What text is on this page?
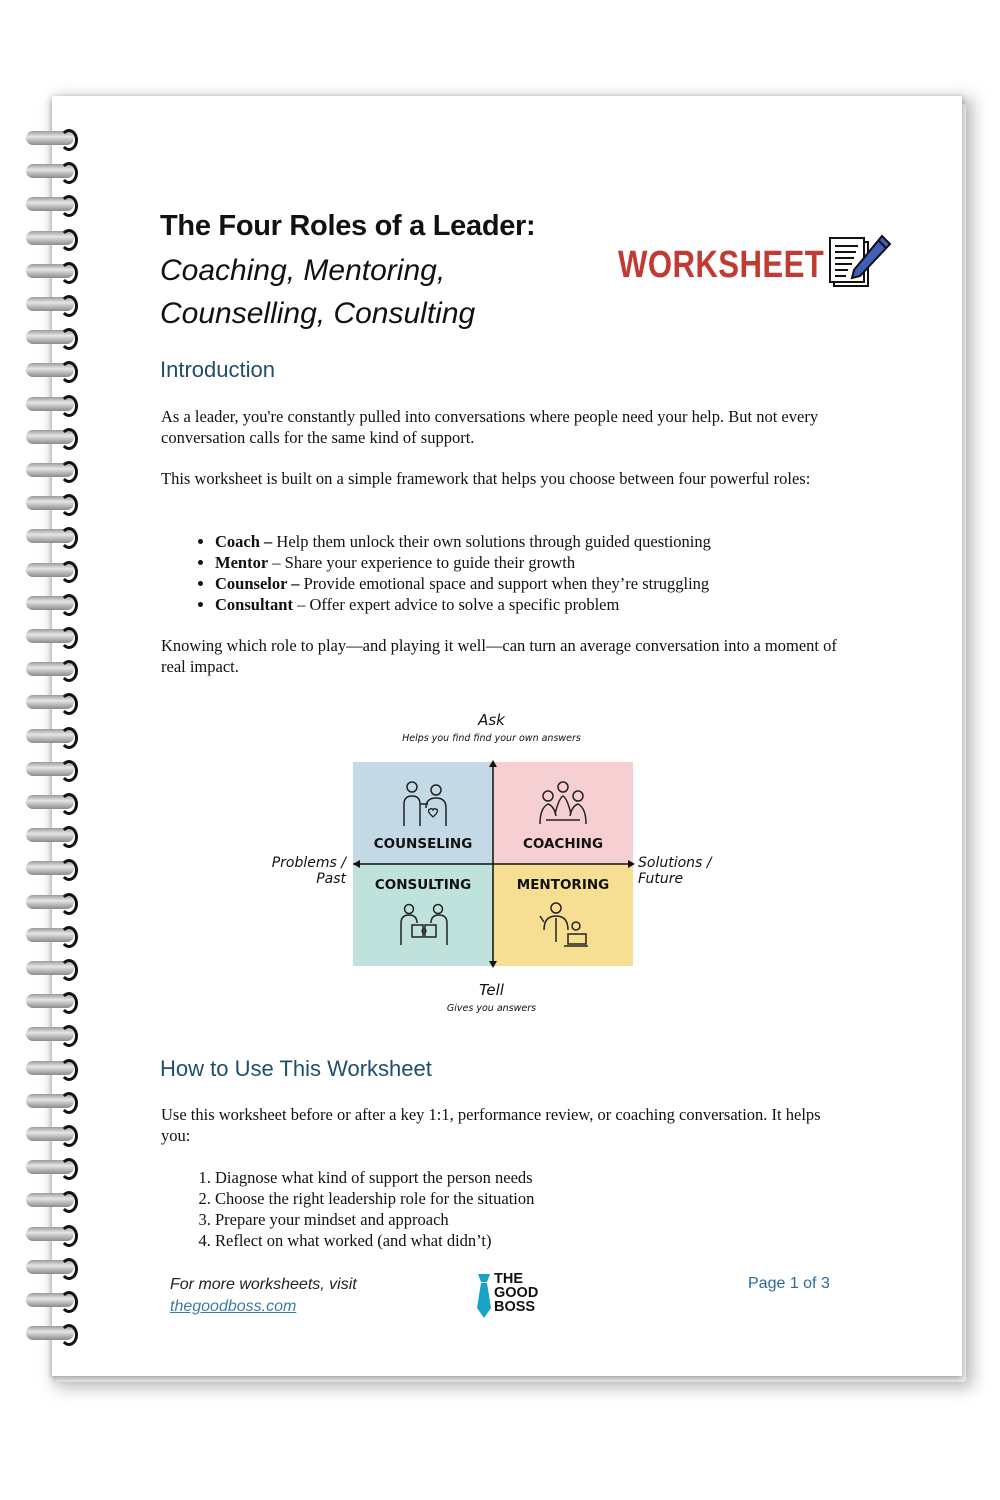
The Four Roles of a Leader:
Coaching, Mentoring,
Counselling, Consulting
WORKSHEET
Introduction

As a leader, you're constantly pulled into conversations where people need your help. But not every conversation calls for the same kind of support.

This worksheet is built on a simple framework that helps you choose between four powerful roles:

• Coach – Help them unlock their own solutions through guided questioning
• Mentor – Share your experience to guide their growth
• Counselor – Provide emotional space and support when they’re struggling
• Consultant – Offer expert advice to solve a specific problem

Knowing which role to play—and playing it well—can turn an average conversation into a moment of real impact.

Ask
Helps you find find your own answers
COUNSELING	COACHING
CONSULTING	MENTORING
Problems / Past
Solutions / Future
Tell
Gives you answers
How to Use This Worksheet

Use this worksheet before or after a key 1:1, performance review, or coaching conversation. It helps you:

1. Diagnose what kind of support the person needs
2. Choose the right leadership role for the situation
3. Prepare your mindset and approach
4. Reflect on what worked (and what didn’t)
For more worksheets, visit
thegoodboss.com
THE
GOOD
BOSS
Page 1 of 3
